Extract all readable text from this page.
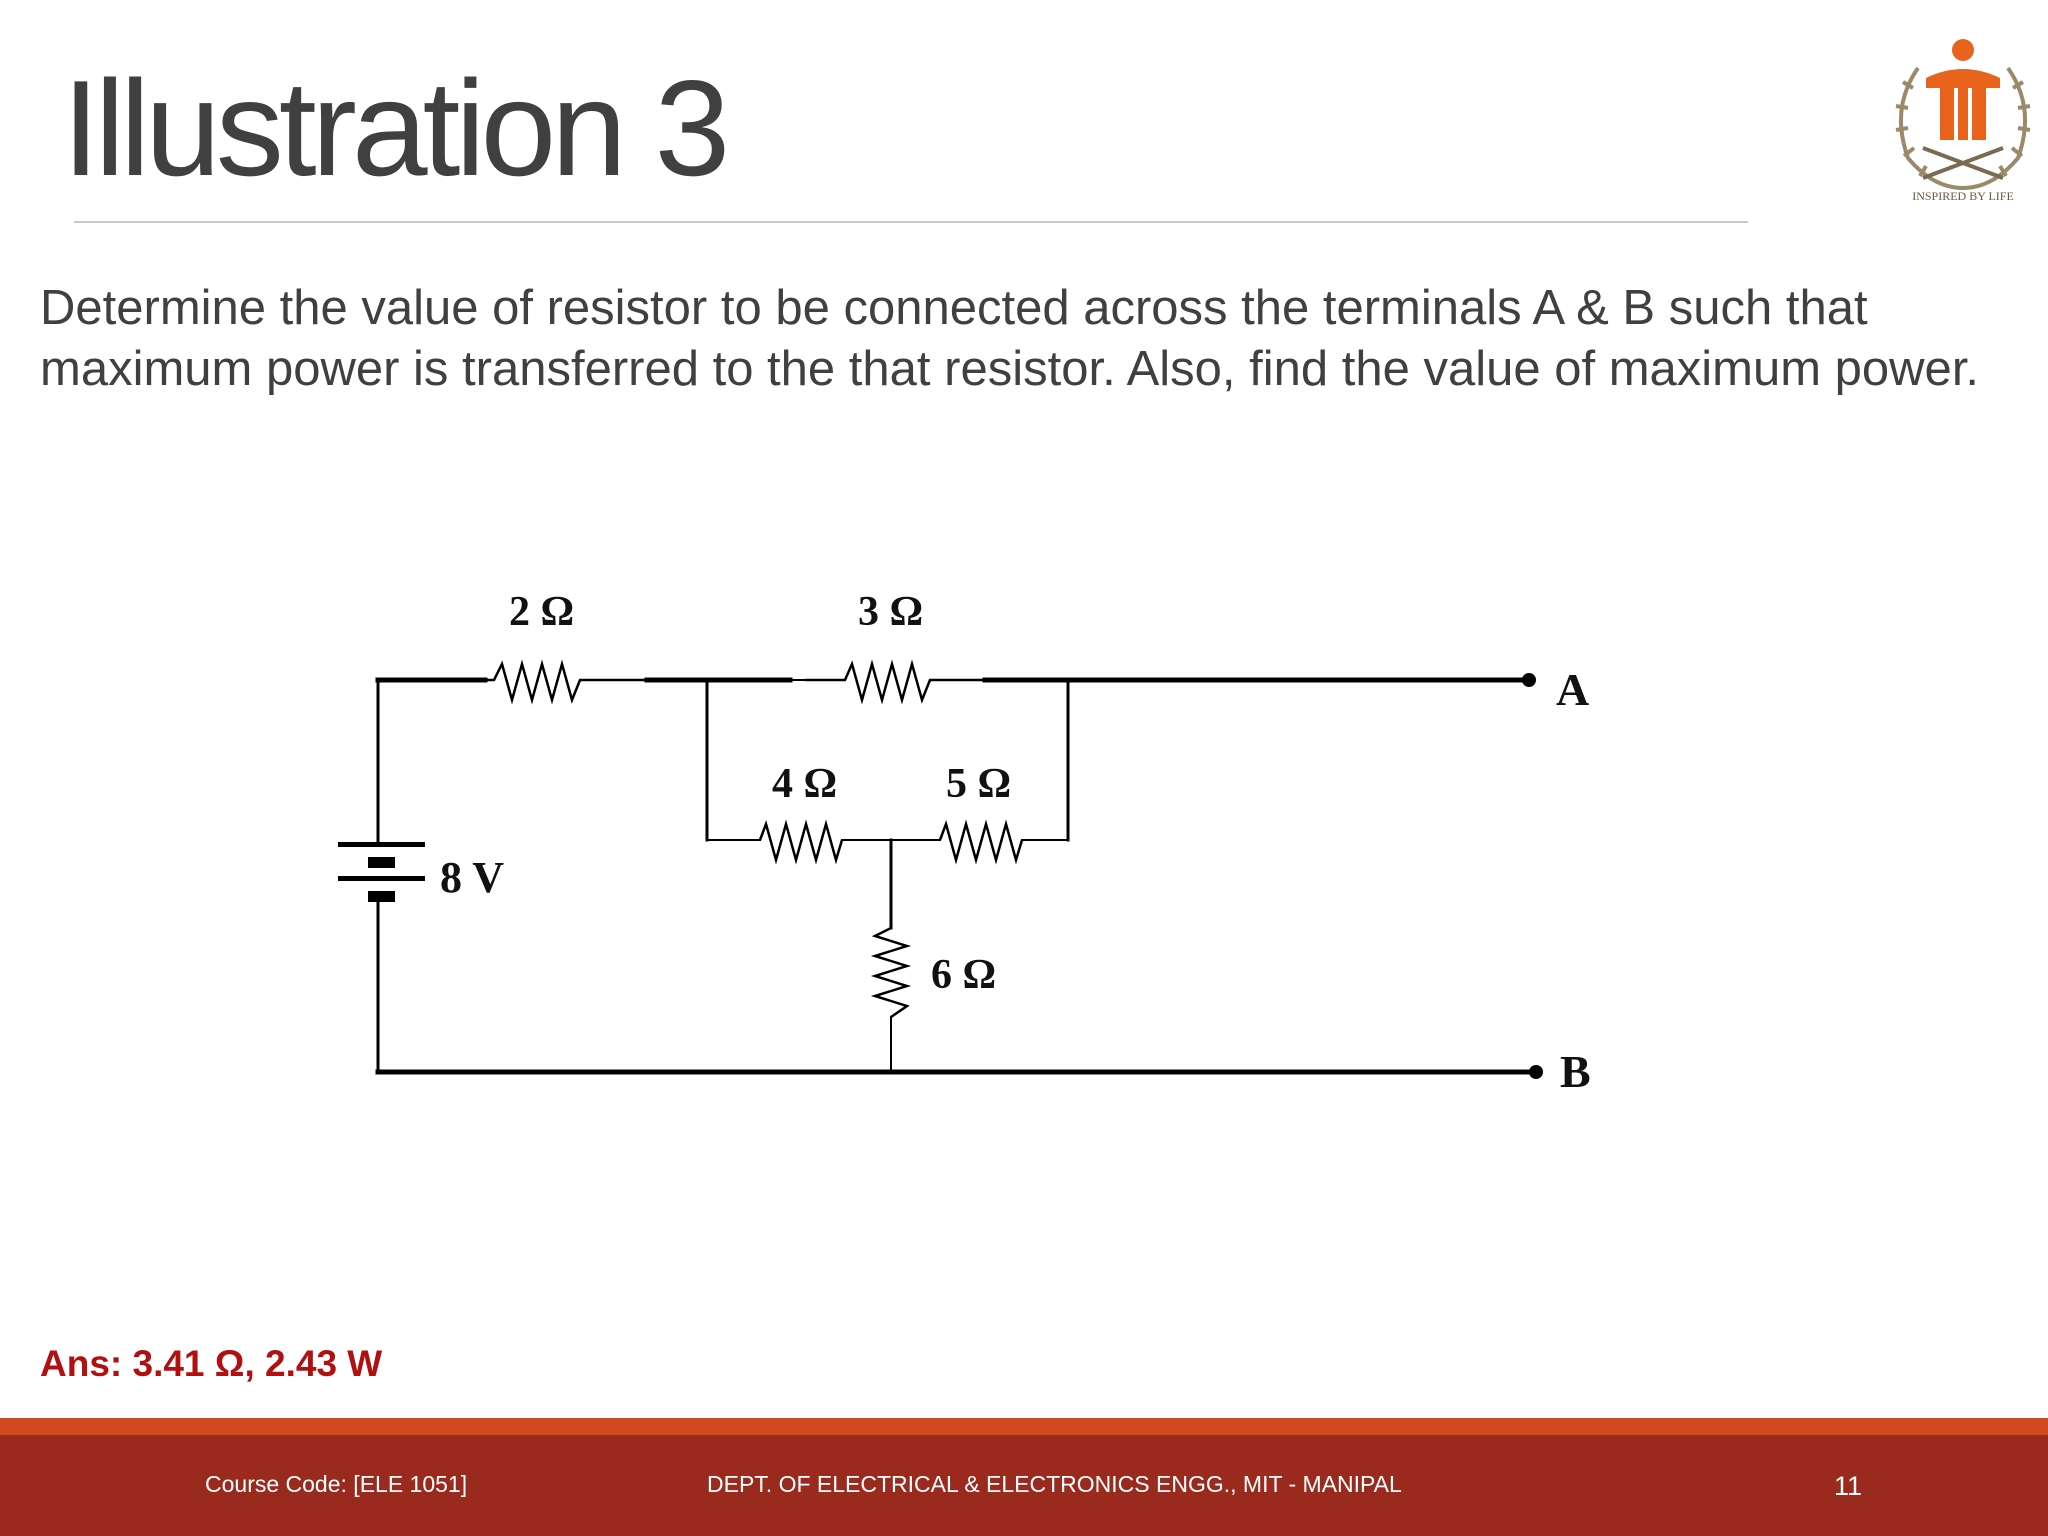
Illustration 3	INSPIRED BY LIFE
Determine the value of resistor to be connected across the terminals A & B such that maximum power is transferred to the that resistor. Also, find the value of maximum power.
2 Ω	3 Ω
4 Ω	5 Ω
6 Ω
8 V
A
B
Ans: 3.41 Ω, 2.43 W
Course Code: [ELE 1051]	DEPT. OF ELECTRICAL & ELECTRONICS ENGG., MIT - MANIPAL	11
